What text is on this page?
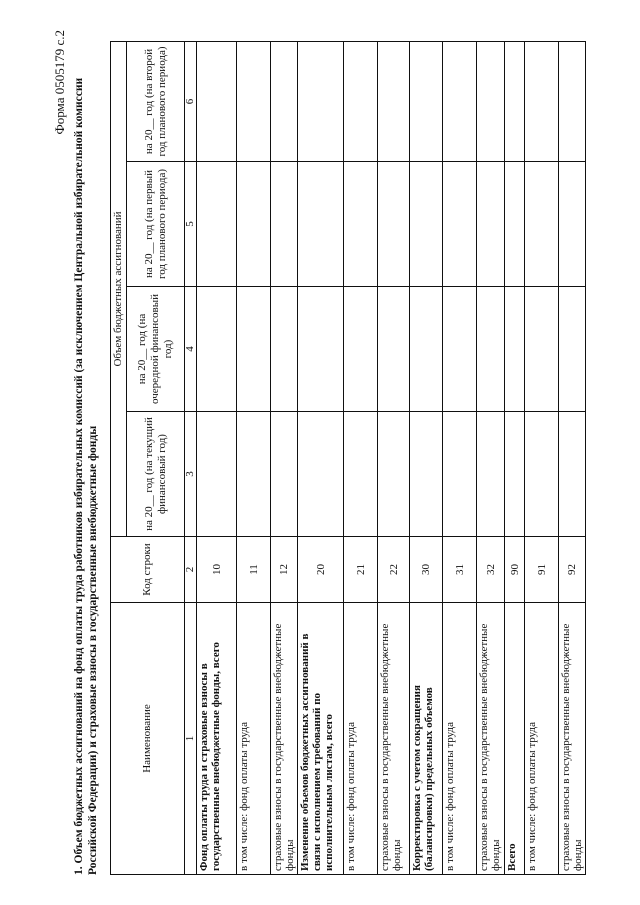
Форма 0505179 с.2 1. Объем бюджетных ассигнований на фонд оплаты труда работников избирательных комиссий (за исключением Центральной избирательной комиссии Российской Федерации) и страховые взносы в государственные внебюджетные фонды	Наименование	Код строки	Объем бюджетных ассигнований			
		на 20__ год (на текущий финансовый год)	на 20__ год (на очередной финансовый год)	на 20__ год (на первый год планового периода)	на 20__ год (на второй год планового периода)
1	2	3	4	5	6
Фонд оплаты труда и страховые взносы в государственные внебюджетные фонды, всего	10				
в том числе: фонд оплаты труда	11				
страховые взносы в государственные внебюджетные фонды	12				
Изменение объемов бюджетных ассигнований в связи с исполнением требований по исполнительным листам, всего	20				
в том числе: фонд оплаты труда	21				
страховые взносы в государственные внебюджетные фонды	22				
Корректировка с учетом сокращения (балансировки) предельных объемов	30				
в том числе: фонд оплаты труда	31				
страховые взносы в государственные внебюджетные фонды	32				
Всего	90				
в том числе: фонд оплаты труда	91				
страховые взносы в государственные внебюджетные фонды	92				
